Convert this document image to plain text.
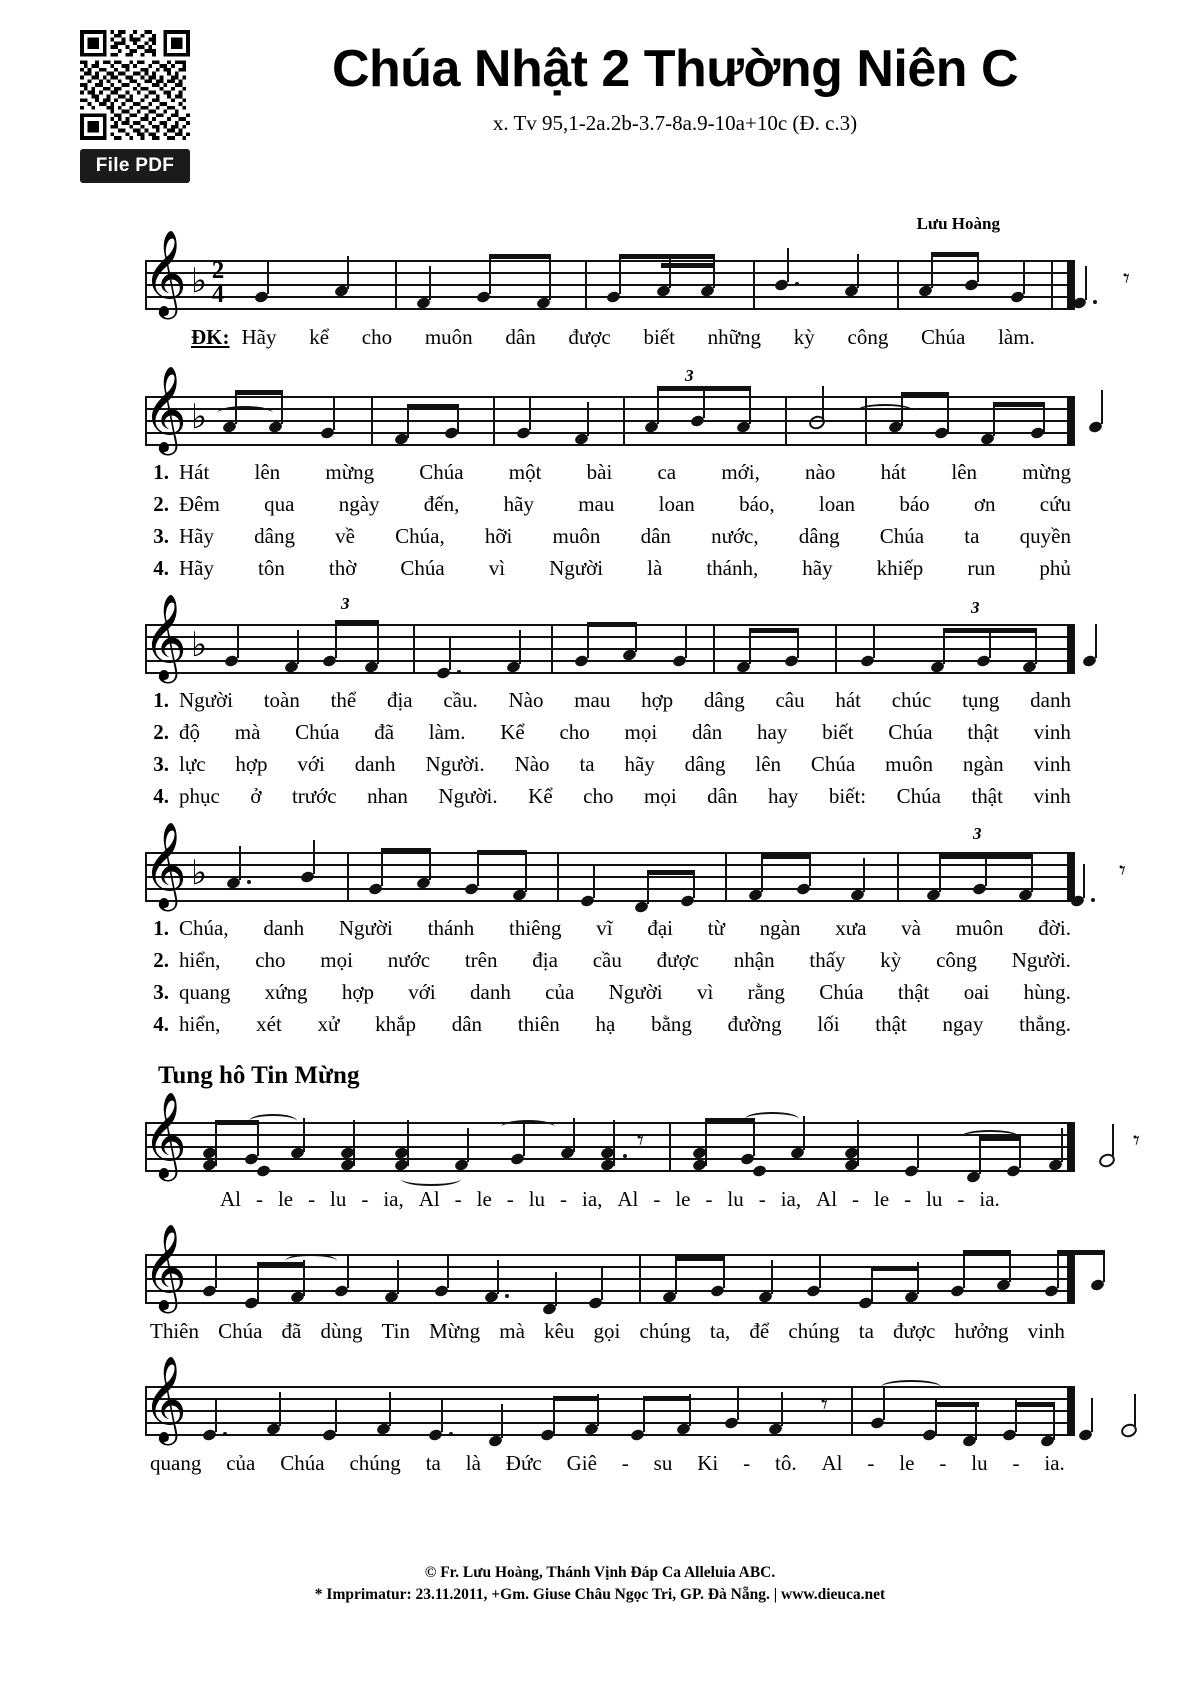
File PDF
Chúa Nhật 2 Thường Niên C
x. Tv 95,1-2a.2b-3.7-8a.9-10a+10c (Đ. c.3)
Lưu Hoàng
𝄞 ♭ 2
4
𝄾
ĐK: Hãy kể cho muôn dân được biết những kỳ công Chúa làm.
𝄞 ♭
3
1. Hát lên mừng Chúa một bài ca mới, nào hát lên mừng
2. Đêm qua ngày đến, hãy mau loan báo, loan báo ơn cứu
3. Hãy dâng về Chúa, hỡi muôn dân nước, dâng Chúa ta quyền
4. Hãy tôn thờ Chúa vì Người là thánh, hãy khiếp run phủ
𝄞 ♭
3	3
1. Người toàn thể địa cầu. Nào mau hợp dâng câu hát chúc tụng danh
2. độ mà Chúa đã làm. Kể cho mọi dân hay biết Chúa thật vinh
3. lực hợp với danh Người. Nào ta hãy dâng lên Chúa muôn ngàn vinh
4. phục ở trước nhan Người. Kể cho mọi dân hay biết: Chúa thật vinh
𝄞 ♭
3
𝄾
1. Chúa, danh Người thánh thiêng vĩ đại từ ngàn xưa và muôn đời.
2. hiển, cho mọi nước trên địa cầu được nhận thấy kỳ công Người.
3. quang xứng hợp với danh của Người vì rằng Chúa thật oai hùng.
4. hiển, xét xử khắp dân thiên hạ bằng đường lối thật ngay thẳng.
Tung hô Tin Mừng
𝄞	𝄾	𝄾
Al - le - lu - ia, Al - le - lu - ia, Al - le - lu - ia, Al - le - lu - ia.
𝄞
Thiên Chúa đã dùng Tin Mừng mà kêu gọi chúng ta, để chúng ta được hưởng vinh
𝄞	𝄾
quang của Chúa chúng ta là Đức Giê - su Ki - tô. Al - le - lu - ia.
© Fr. Lưu Hoàng, Thánh Vịnh Đáp Ca Alleluia ABC.
* Imprimatur: 23.11.2011, +Gm. Giuse Châu Ngọc Tri, GP. Đà Nẵng. | www.dieuca.net
